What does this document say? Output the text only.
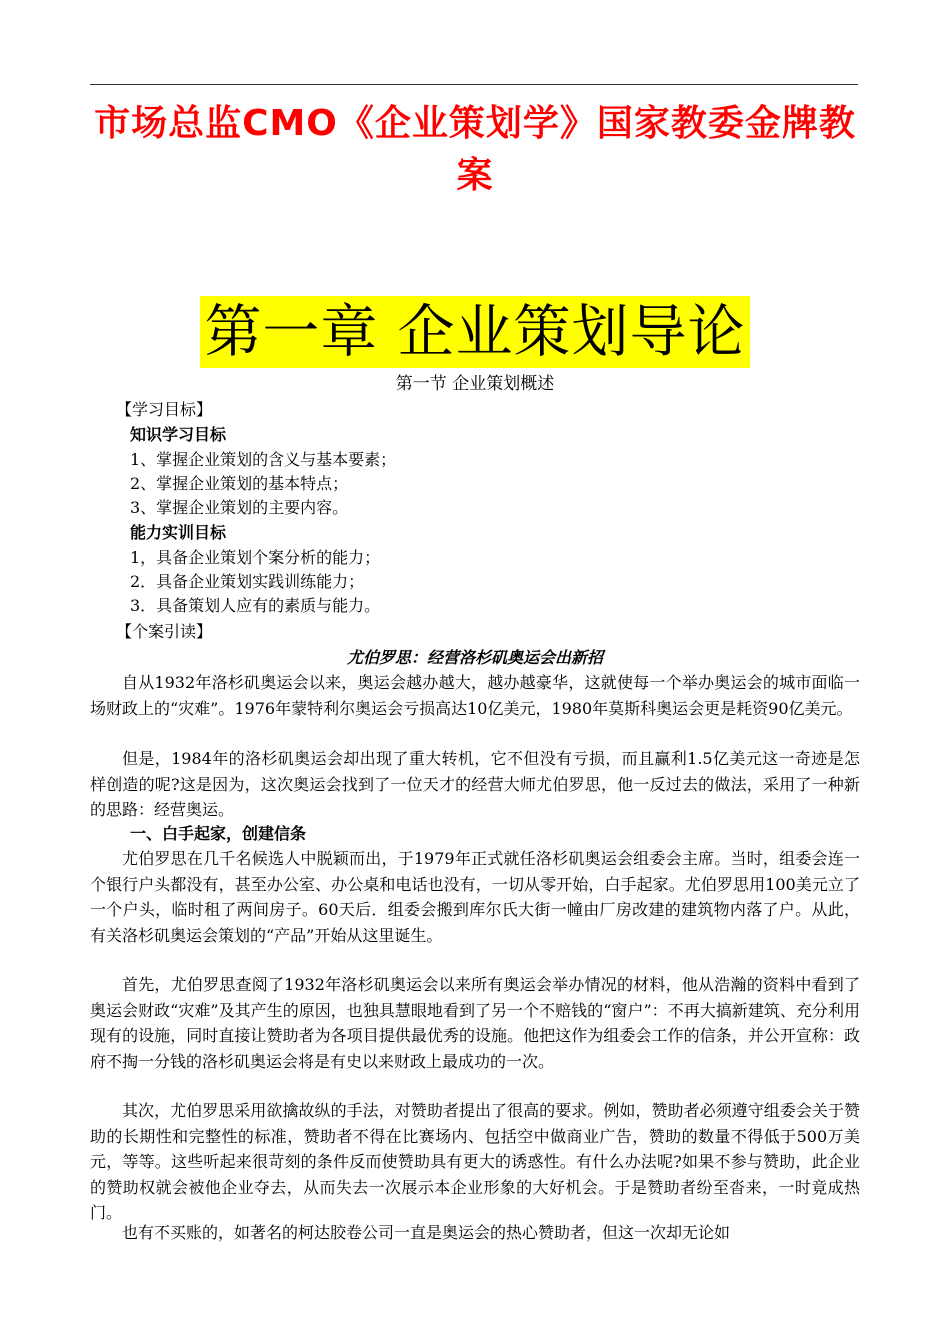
市场总监CMO《企业策划学》国家教委金牌教案
第一章 企业策划导论
第一节 企业策划概述
【学习目标】
知识学习目标
1、掌握企业策划的含义与基本要素；
2、掌握企业策划的基本特点；
3、掌握企业策划的主要内容。
能力实训目标
1，具备企业策划个案分析的能力；
2．具备企业策划实践训练能力；
3．具备策划人应有的素质与能力。
【个案引读】
尤伯罗思：经营洛杉矶奥运会出新招

自从1932年洛杉矶奥运会以来，奥运会越办越大，越办越豪华，这就使每一个举办奥运会的城市面临一场财政上的“灾难”。1976年蒙特利尔奥运会亏损高达10亿美元，1980年莫斯科奥运会更是耗资90亿美元。

但是，1984年的洛杉矶奥运会却出现了重大转机，它不但没有亏损，而且赢利1.5亿美元这一奇迹是怎样创造的呢?这是因为，这次奥运会找到了一位天才的经营大师尤伯罗思，他一反过去的做法，采用了一种新的思路：经营奥运。

一、白手起家，创建信条

尤伯罗思在几千名候选人中脱颖而出，于1979年正式就任洛杉矶奥运会组委会主席。当时，组委会连一个银行户头都没有，甚至办公室、办公桌和电话也没有，一切从零开始，白手起家。尤伯罗思用100美元立了一个户头，临时租了两间房子。60天后．组委会搬到库尔氏大街一幢由厂房改建的建筑物内落了户。从此，有关洛杉矶奥运会策划的“产品”开始从这里诞生。

首先，尤伯罗思查阅了1932年洛杉矶奥运会以来所有奥运会举办情况的材料，他从浩瀚的资料中看到了奥运会财政“灾难”及其产生的原因，也独具慧眼地看到了另一个不赔钱的“窗户”：不再大搞新建筑、充分利用现有的设施，同时直接让赞助者为各项目提供最优秀的设施。他把这作为组委会工作的信条，并公开宣称：政府不掏一分钱的洛杉矶奥运会将是有史以来财政上最成功的一次。

其次，尤伯罗思采用欲擒故纵的手法，对赞助者提出了很高的要求。例如，赞助者必须遵守组委会关于赞助的长期性和完整性的标准，赞助者不得在比赛场内、包括空中做商业广告，赞助的数量不得低于500万美元，等等。这些听起来很苛刻的条件反而使赞助具有更大的诱惑性。有什么办法呢?如果不参与赞助，此企业的赞助权就会被他企业夺去，从而失去一次展示本企业形象的大好机会。于是赞助者纷至沓来，一时竟成热门。

也有不买账的，如著名的柯达胶卷公司一直是奥运会的热心赞助者，但这一次却无论如
